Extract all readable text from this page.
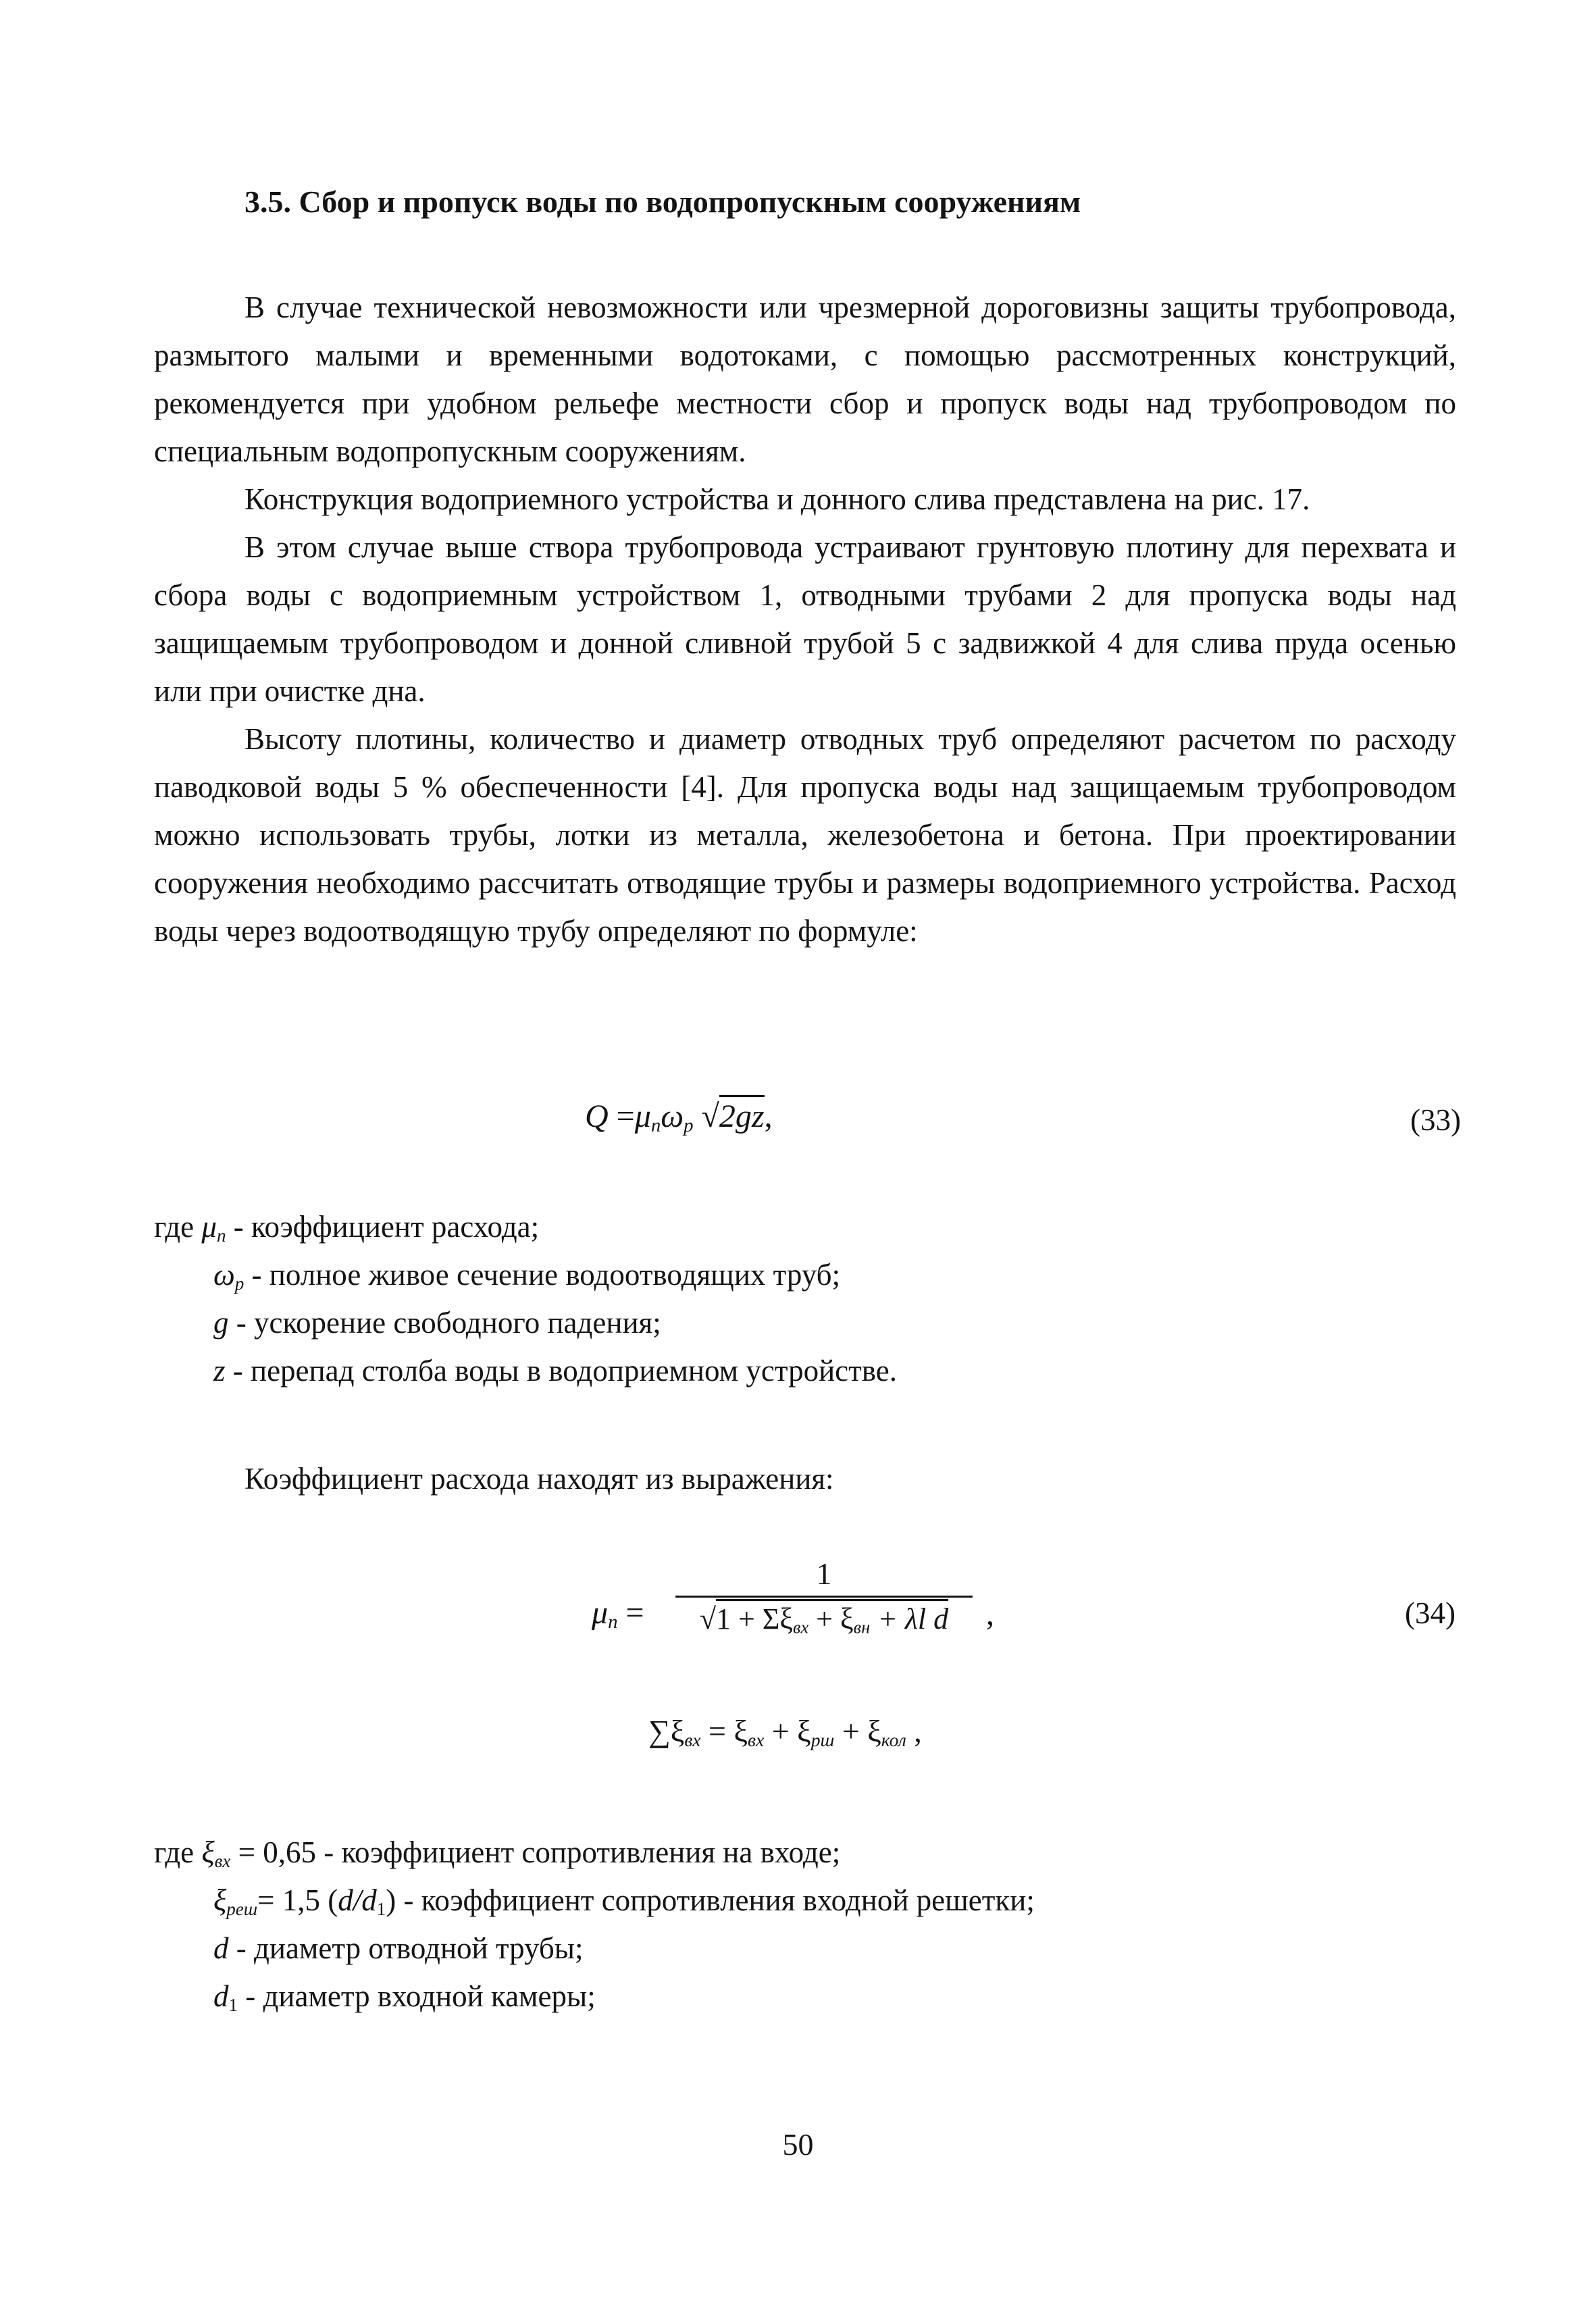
3.5. Сбор и пропуск воды по водопропускным сооружениям

В случае технической невозможности или чрезмерной дороговизны защиты трубопровода, размытого малыми и временными водотоками, с помощью рассмотренных конструкций, рекомендуется при удобном рельефе местности сбор и пропуск воды над трубопроводом по специальным водопропускным сооружениям.

Конструкция водоприемного устройства и донного слива представлена на рис. 17.

В этом случае выше створа трубопровода устраивают грунтовую плотину для перехвата и сбора воды с водоприемным устройством 1, отводными трубами 2 для пропуска воды над защищаемым трубопроводом и донной сливной трубой 5 с задвижкой 4 для слива пруда осенью или при очистке дна.

Высоту плотины, количество и диаметр отводных труб определяют расчетом по расходу паводковой воды 5 % обеспеченности [4]. Для пропуска воды над защищаемым трубопроводом можно использовать трубы, лотки из металла, железобетона и бетона. При проектировании сооружения необходимо рассчитать отводящие трубы и размеры водоприемного устройства. Расход воды через водоотводящую трубу определяют по формуле:

$Q =\mu_n\omega_p$ √2gz,	(33)
где $\mu_п$ - коэффициент расхода;
$\omega_p$ - полное живое сечение водоотводящих труб;
g - ускорение свободного падения;
z - перепад столба воды в водоприемном устройстве.

Коэффициент расхода находят из выражения:

$\mu_n$ =
1
$√1 + \Sigma\xi_{вх} + \xi_{вн} + \lambda l$ d	,	(34)
$\sum\xi_{вх} = \xi_{вх} + \xi_{рш} + \xi_{кол}$ ,
где $\xi_{вх} = 0,65$ - коэффициент сопротивления на входе;
$\xi_{реш}= 1,5$ $(d/d_1)$ - коэффициент сопротивления входной решетки;
d - диаметр отводной трубы;
$d_1$ - диаметр входной камеры;
50
